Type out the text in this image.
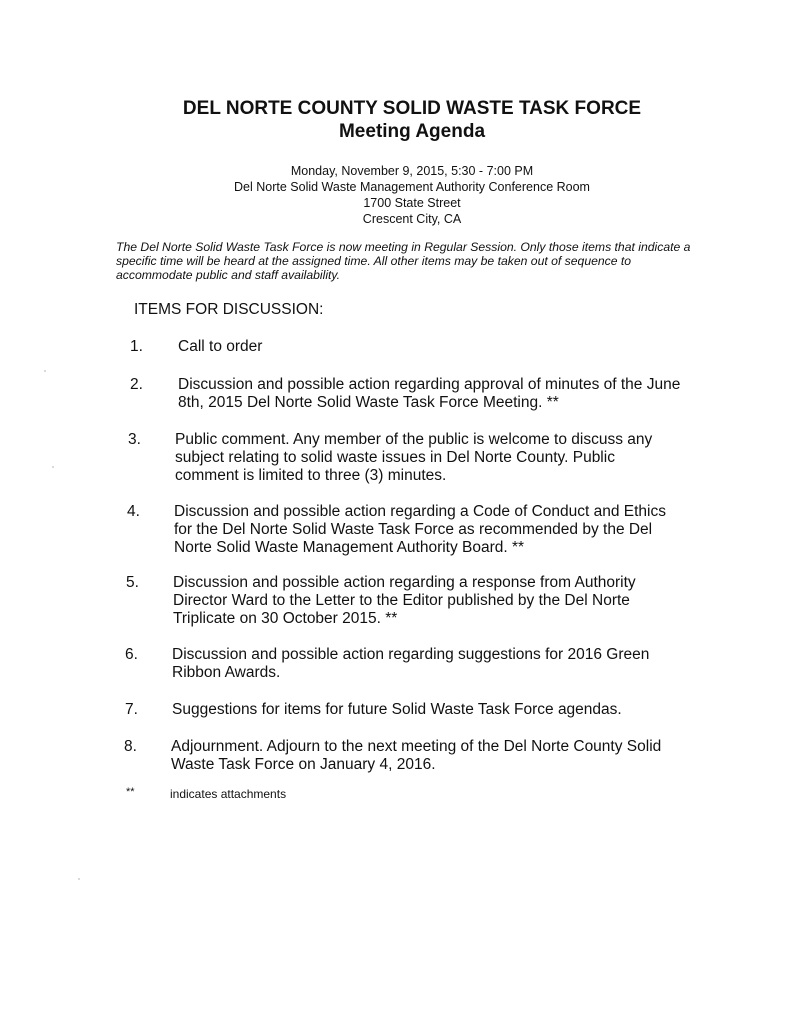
DEL NORTE COUNTY SOLID WASTE TASK FORCE
Meeting Agenda
Monday, November 9, 2015, 5:30 - 7:00 PM
Del Norte Solid Waste Management Authority Conference Room
1700 State Street
Crescent City, CA
The Del Norte Solid Waste Task Force is now meeting in Regular Session. Only those items that indicate a specific time will be heard at the assigned time. All other items may be taken out of sequence to accommodate public and staff availability.
ITEMS FOR DISCUSSION:
1. Call to order
2. Discussion and possible action regarding approval of minutes of the June 8th, 2015 Del Norte Solid Waste Task Force Meeting. **
3. Public comment. Any member of the public is welcome to discuss any subject relating to solid waste issues in Del Norte County. Public comment is limited to three (3) minutes.
4. Discussion and possible action regarding a Code of Conduct and Ethics for the Del Norte Solid Waste Task Force as recommended by the Del Norte Solid Waste Management Authority Board. **
5. Discussion and possible action regarding a response from Authority Director Ward to the Letter to the Editor published by the Del Norte Triplicate on 30 October 2015. **
6. Discussion and possible action regarding suggestions for 2016 Green Ribbon Awards.
7. Suggestions for items for future Solid Waste Task Force agendas.
8. Adjournment. Adjourn to the next meeting of the Del Norte County Solid Waste Task Force on January 4, 2016.
**	indicates attachments
